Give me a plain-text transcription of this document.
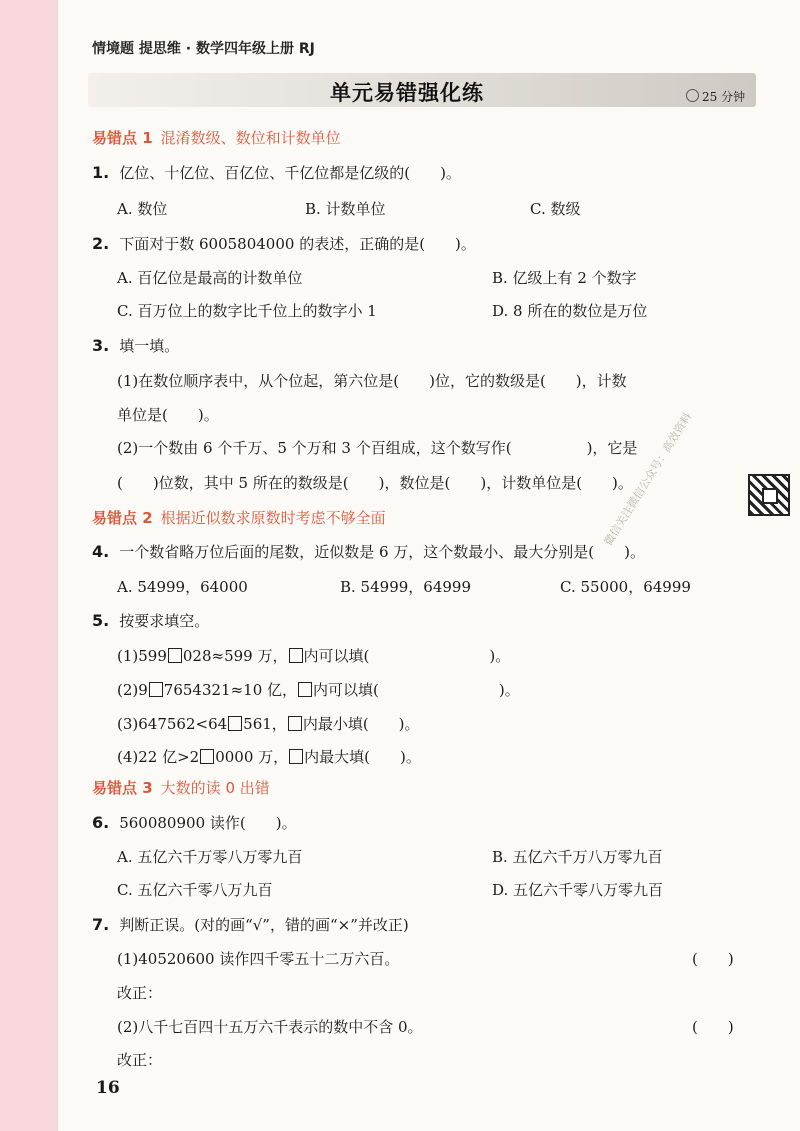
情境题 提思维 · 数学四年级上册 RJ
单元易错强化练	25 分钟
易错点 1 混淆数级、数位和计数单位
1. 亿位、十亿位、百亿位、千亿位都是亿级的(　　)。
A. 数位	B. 计数单位	C. 数级
2. 下面对于数 6005804000 的表述，正确的是(　　)。
A. 百亿位是最高的计数单位	B. 亿级上有 2 个数字
C. 百万位上的数字比千位上的数字小 1	D. 8 所在的数位是万位
3. 填一填。
(1)在数位顺序表中，从个位起，第六位是(　　)位，它的数级是(　　)，计数
单位是(　　)。
(2)一个数由 6 个千万、5 个万和 3 个百组成，这个数写作(　　　　　)，它是
(　　)位数，其中 5 所在的数级是(　　)，数位是(　　)，计数单位是(　　)。
易错点 2 根据近似数求原数时考虑不够全面
4. 一个数省略万位后面的尾数，近似数是 6 万，这个数最小、最大分别是(　　)。
A. 54999，64000	B. 54999，64999	C. 55000，64999
5. 按要求填空。
(1)599 028≈599 万， 内可以填(　　　　　　　　)。
(2)9 7654321≈10 亿， 内可以填(　　　　　　　　)。
(3)647562<64 561， 内最小填(　　)。
(4)22 亿>2 0000 万， 内最大填(　　)。
易错点 3 大数的读 0 出错
6. 560080900 读作(　　)。
A. 五亿六千万零八万零九百	B. 五亿六千万八万零九百
C. 五亿六千零八万九百	D. 五亿六千零八万零九百
7. 判断正误。(对的画“√”，错的画“×”并改正)
(1)40520600 读作四千零五十二万六百。	(　　)
改正：
(2)八千七百四十五万六千表示的数中不含 0。	(　　)
改正：
16
微信关注微信公众号：高效资料
